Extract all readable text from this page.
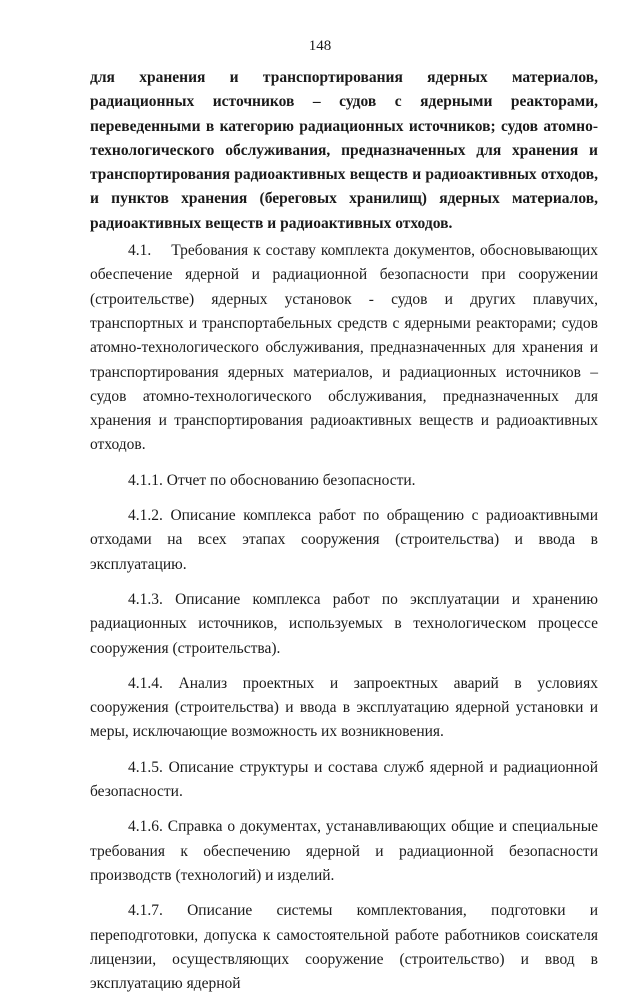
148

для хранения и транспортирования ядерных материалов, радиационных источников – судов с ядерными реакторами, переведенными в категорию радиационных источников; судов атомно-технологического обслуживания, предназначенных для хранения и транспортирования радиоактивных веществ и радиоактивных отходов, и пунктов хранения (береговых хранилищ) ядерных материалов, радиоактивных веществ и радиоактивных отходов.

4.1. Требования к составу комплекта документов, обосновывающих обеспечение ядерной и радиационной безопасности при сооружении (строительстве) ядерных установок - судов и других плавучих, транспортных и транспортабельных средств с ядерными реакторами; судов атомно-технологического обслуживания, предназначенных для хранения и транспортирования ядерных материалов, и радиационных источников – судов атомно-технологического обслуживания, предназначенных для хранения и транспортирования радиоактивных веществ и радиоактивных отходов.

4.1.1. Отчет по обоснованию безопасности.

4.1.2. Описание комплекса работ по обращению с радиоактивными отходами на всех этапах сооружения (строительства) и ввода в эксплуатацию.

4.1.3. Описание комплекса работ по эксплуатации и хранению радиационных источников, используемых в технологическом процессе сооружения (строительства).

4.1.4. Анализ проектных и запроектных аварий в условиях сооружения (строительства) и ввода в эксплуатацию ядерной установки и меры, исключающие возможность их возникновения.

4.1.5. Описание структуры и состава служб ядерной и радиационной безопасности.

4.1.6. Справка о документах, устанавливающих общие и специальные требования к обеспечению ядерной и радиационной безопасности производств (технологий) и изделий.

4.1.7. Описание системы комплектования, подготовки и переподготовки, допуска к самостоятельной работе работников соискателя лицензии, осуществляющих сооружение (строительство) и ввод в эксплуатацию ядерной
